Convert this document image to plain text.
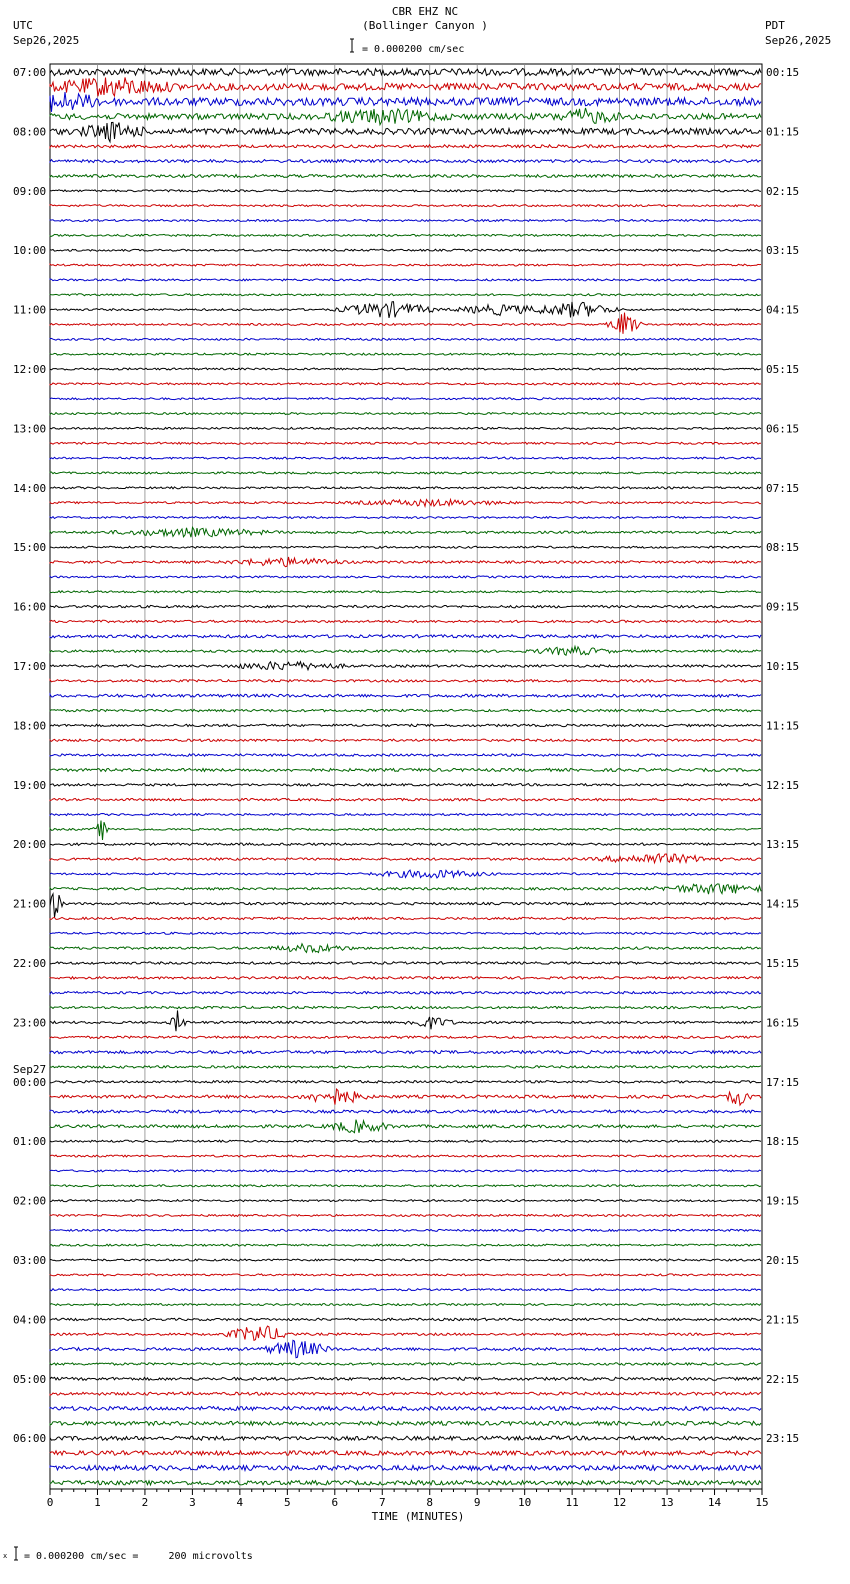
UTC
Sep26,2025
CBR EHZ NC
(Bollinger Canyon )
= 0.000200 cm/sec
PDT
Sep26,2025
0	1	2	3	4	5	6	7	8	9	10	11	12	13	14	15
07:00
08:00
09:00
10:00
11:00
12:00
13:00
14:00
15:00
16:00
17:00
18:00
19:00
20:00
21:00
22:00
23:00
00:00
Sep27
01:00
02:00
03:00
04:00
05:00
06:00
00:15
01:15
02:15
03:15
04:15
05:15
06:15
07:15
08:15
09:15
10:15
11:15
12:15
13:15
14:15
15:15
16:15
17:15
18:15
19:15
20:15
21:15
22:15
23:15
TIME (MINUTES)
x = 0.000200 cm/sec =     200 microvolts
